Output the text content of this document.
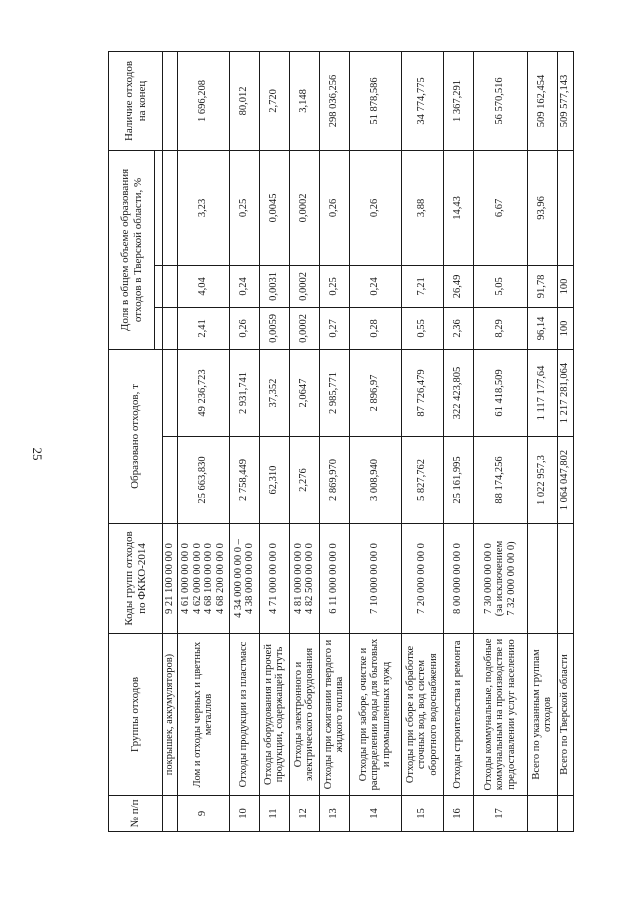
25
№ п/п	Группы отходов	Коды групп отходов по ФККО-2014	Образовано отходов, т		Доля в общем объеме образования отходов в Тверской области, %			Наличие отходов на конец

	покрышек, аккумуляторов)	9 21 100 00 00 0						

9	Лом и отходы черных и цветных металлов	4 61 000 00 00 0 4 62 000 00 00 0 4 68 100 00 00 0 4 68 200 00 00 0	25 663,830	49 236,723	2,41	4,04	3,23	1 696,208
10	Отходы продукции из пластмасс	4 34 000 00 00 0 – 4 38 000 00 00 0	2 758,449	2 931,741	0,26	0,24	0,25	80,012
11	Отходы оборудования и прочей продукции, содержащей ртуть	4 71 000 00 00 0	62,310	37,352	0,0059	0,0031	0,0045	2,720
12	Отходы электронного и электрического оборудования	4 81 000 00 00 0 4 82 500 00 00 0	2,276	2,0647	0,0002	0,0002	0,0002	3,148
13	Отходы при сжигании твердого и жидкого топлива	6 11 000 00 00 0	2 869,970	2 985,771	0,27	0,25	0,26	298 036,256
14	Отходы при заборе, очистке и распределении воды для бытовых и промышленных нужд	7 10 000 00 00 0	3 008,940	2 896,97	0,28	0,24	0,26	51 878,586
15	Отходы при сборе и обработке сточных вод, вод систем оборотного водоснабжения	7 20 000 00 00 0	5 827,762	87 726,479	0,55	7,21	3,88	34 774,775
16	Отходы строительства и ремонта	8 00 000 00 00 0	25 161,995	322 423,805	2,36	26,49	14,43	1 367,291
17	Отходы коммунальные, подобные коммунальным на производстве и предоставлении услуг населению	7 30 000 00 00 0 (за исключением 7 32 000 00 00 0)	88 174,256	61 418,509	8,29	5,05	6,67	56 570,516
	Всего по указанным группам отходов		1 022 957,3	1 117 177,64	96,14	91,78	93,96	509 162,454
	Всего по Тверской области		1 064 047,802	1 217 281,064	100	100		509 577,143
